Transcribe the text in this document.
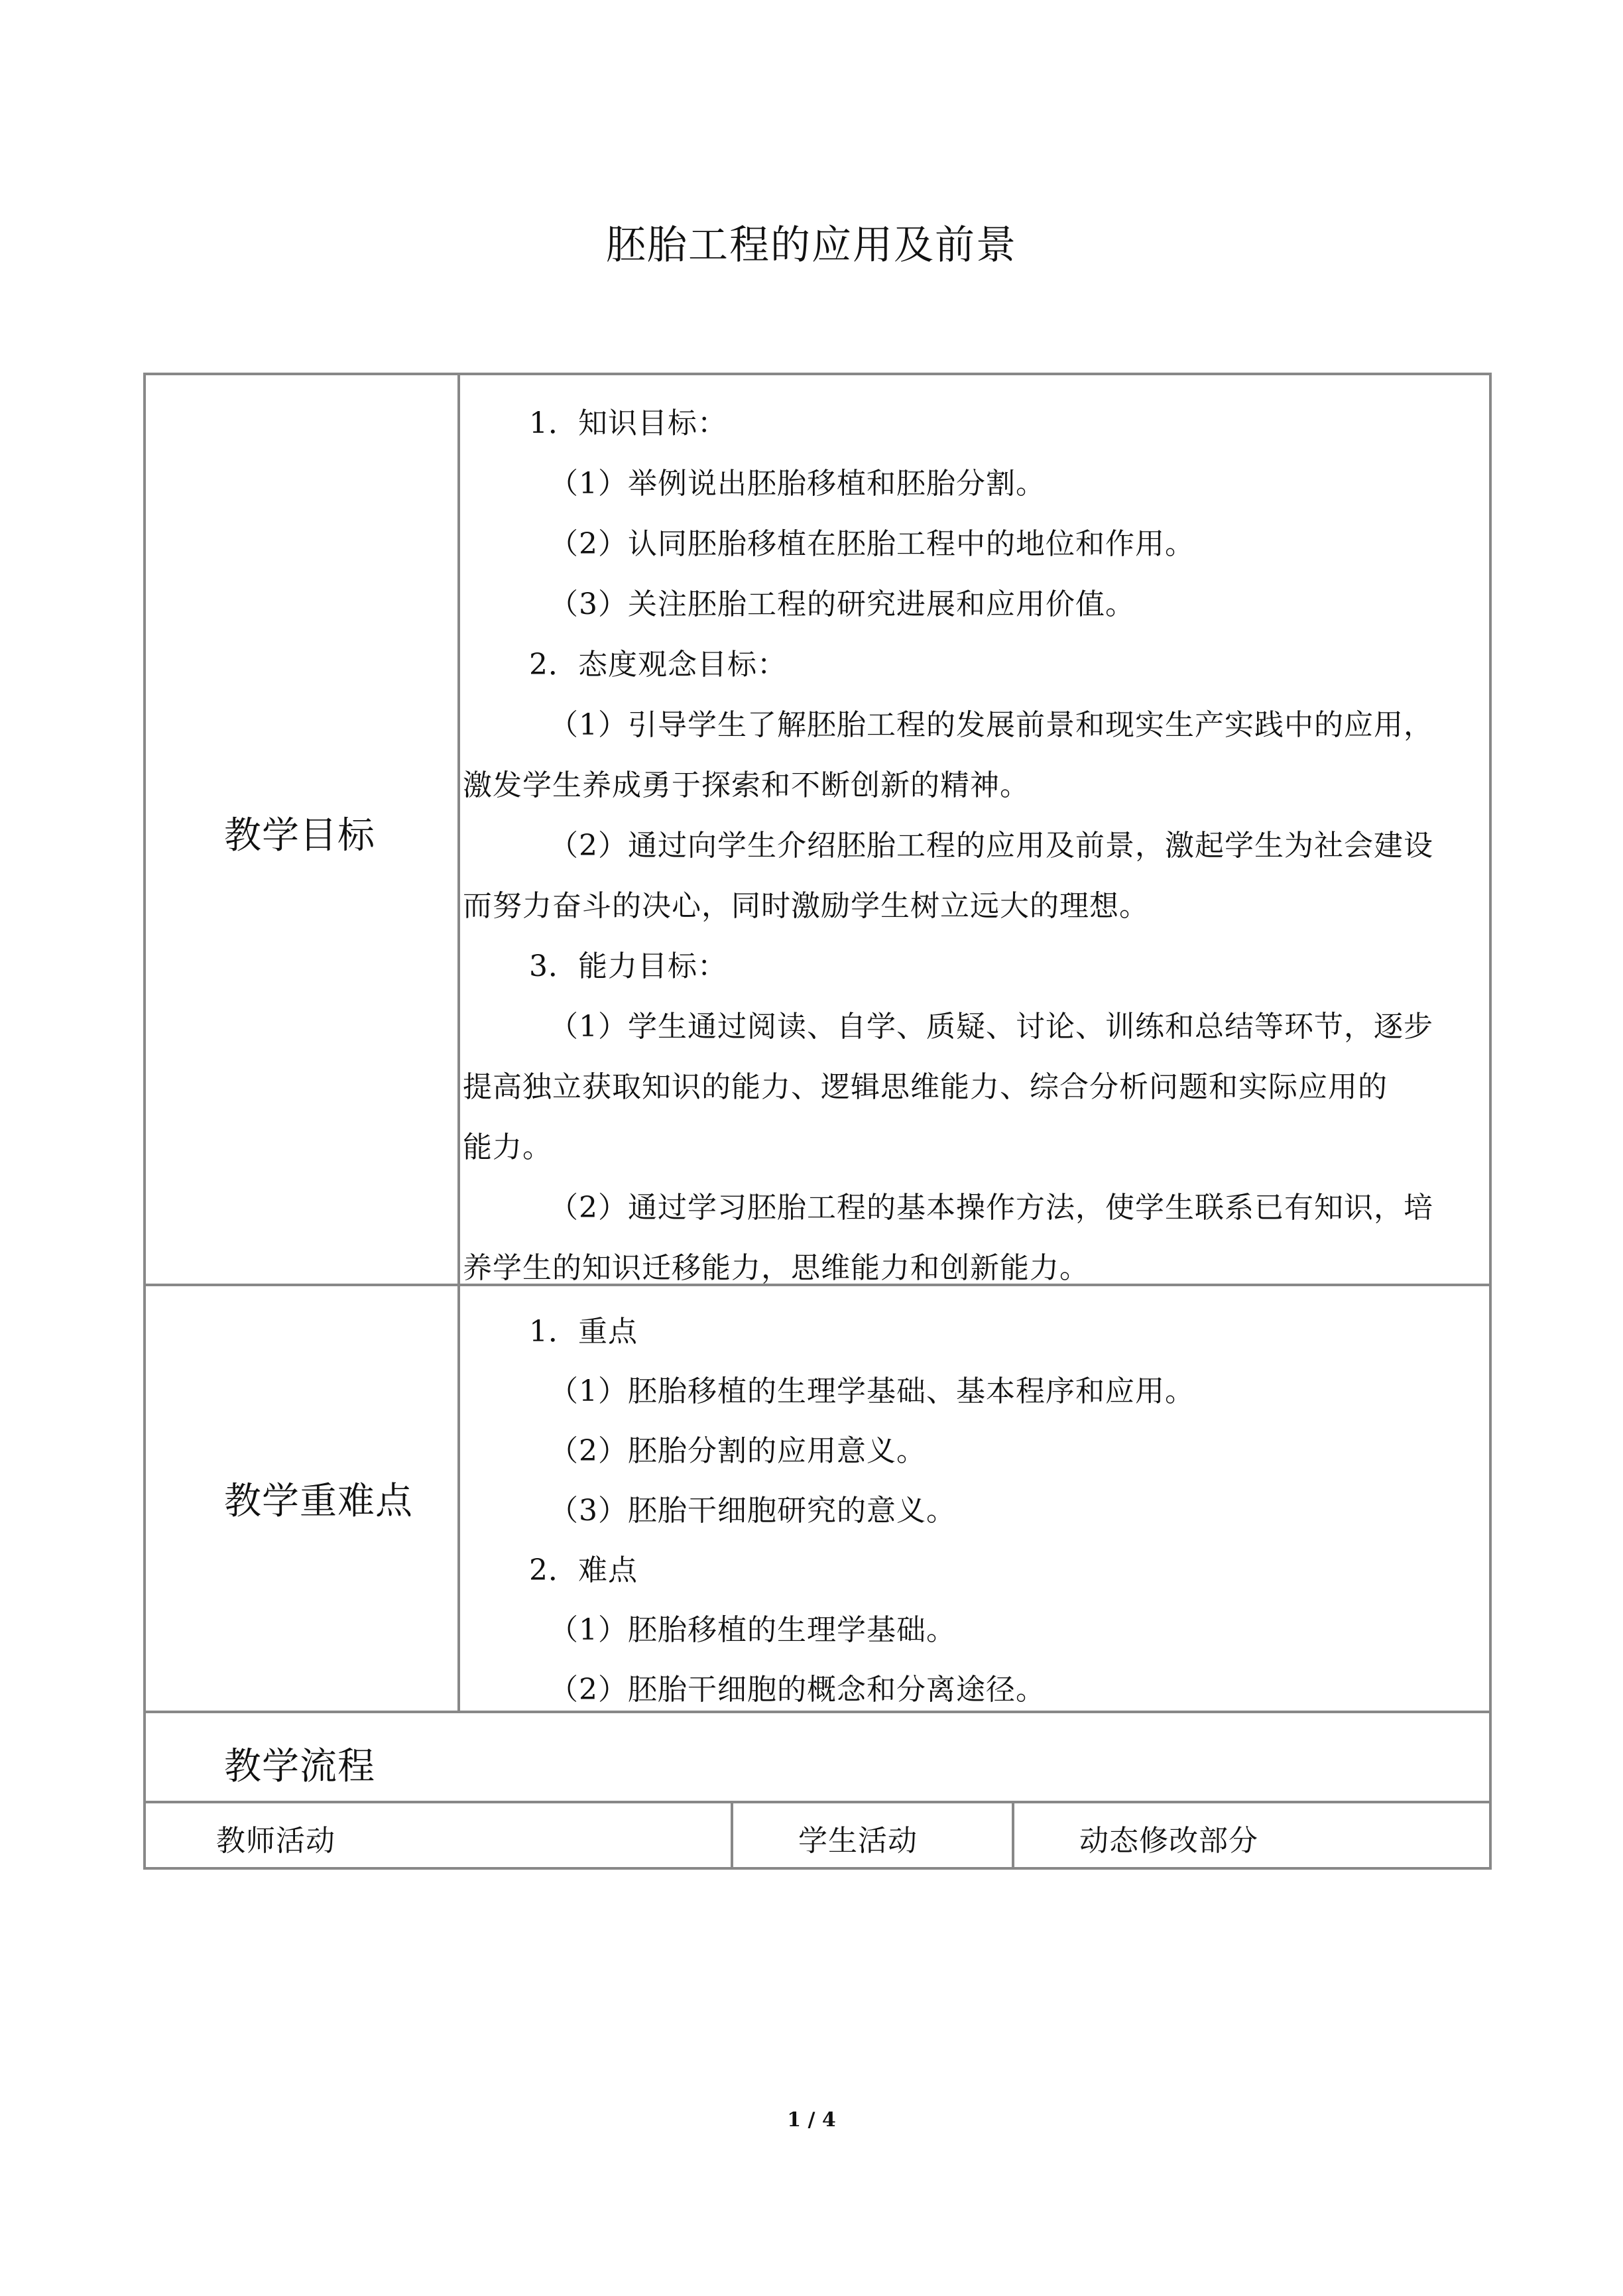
胚胎工程的应用及前景
教学目标
1．知识目标：
（1）举例说出胚胎移植和胚胎分割。
（2）认同胚胎移植在胚胎工程中的地位和作用。
（3）关注胚胎工程的研究进展和应用价值。
2．态度观念目标：
（1）引导学生了解胚胎工程的发展前景和现实生产实践中的应用，
激发学生养成勇于探索和不断创新的精神。
（2）通过向学生介绍胚胎工程的应用及前景，激起学生为社会建设
而努力奋斗的决心，同时激励学生树立远大的理想。
3．能力目标：
（1）学生通过阅读、自学、质疑、讨论、训练和总结等环节，逐步
提高独立获取知识的能力、逻辑思维能力、综合分析问题和实际应用的
能力。
（2）通过学习胚胎工程的基本操作方法，使学生联系已有知识，培
养学生的知识迁移能力，思维能力和创新能力。
教学重难点
1．重点
（1）胚胎移植的生理学基础、基本程序和应用。
（2）胚胎分割的应用意义。
（3）胚胎干细胞研究的意义。
2．难点
（1）胚胎移植的生理学基础。
（2）胚胎干细胞的概念和分离途径。
教学流程
教师活动	学生活动	动态修改部分
1 / 4
